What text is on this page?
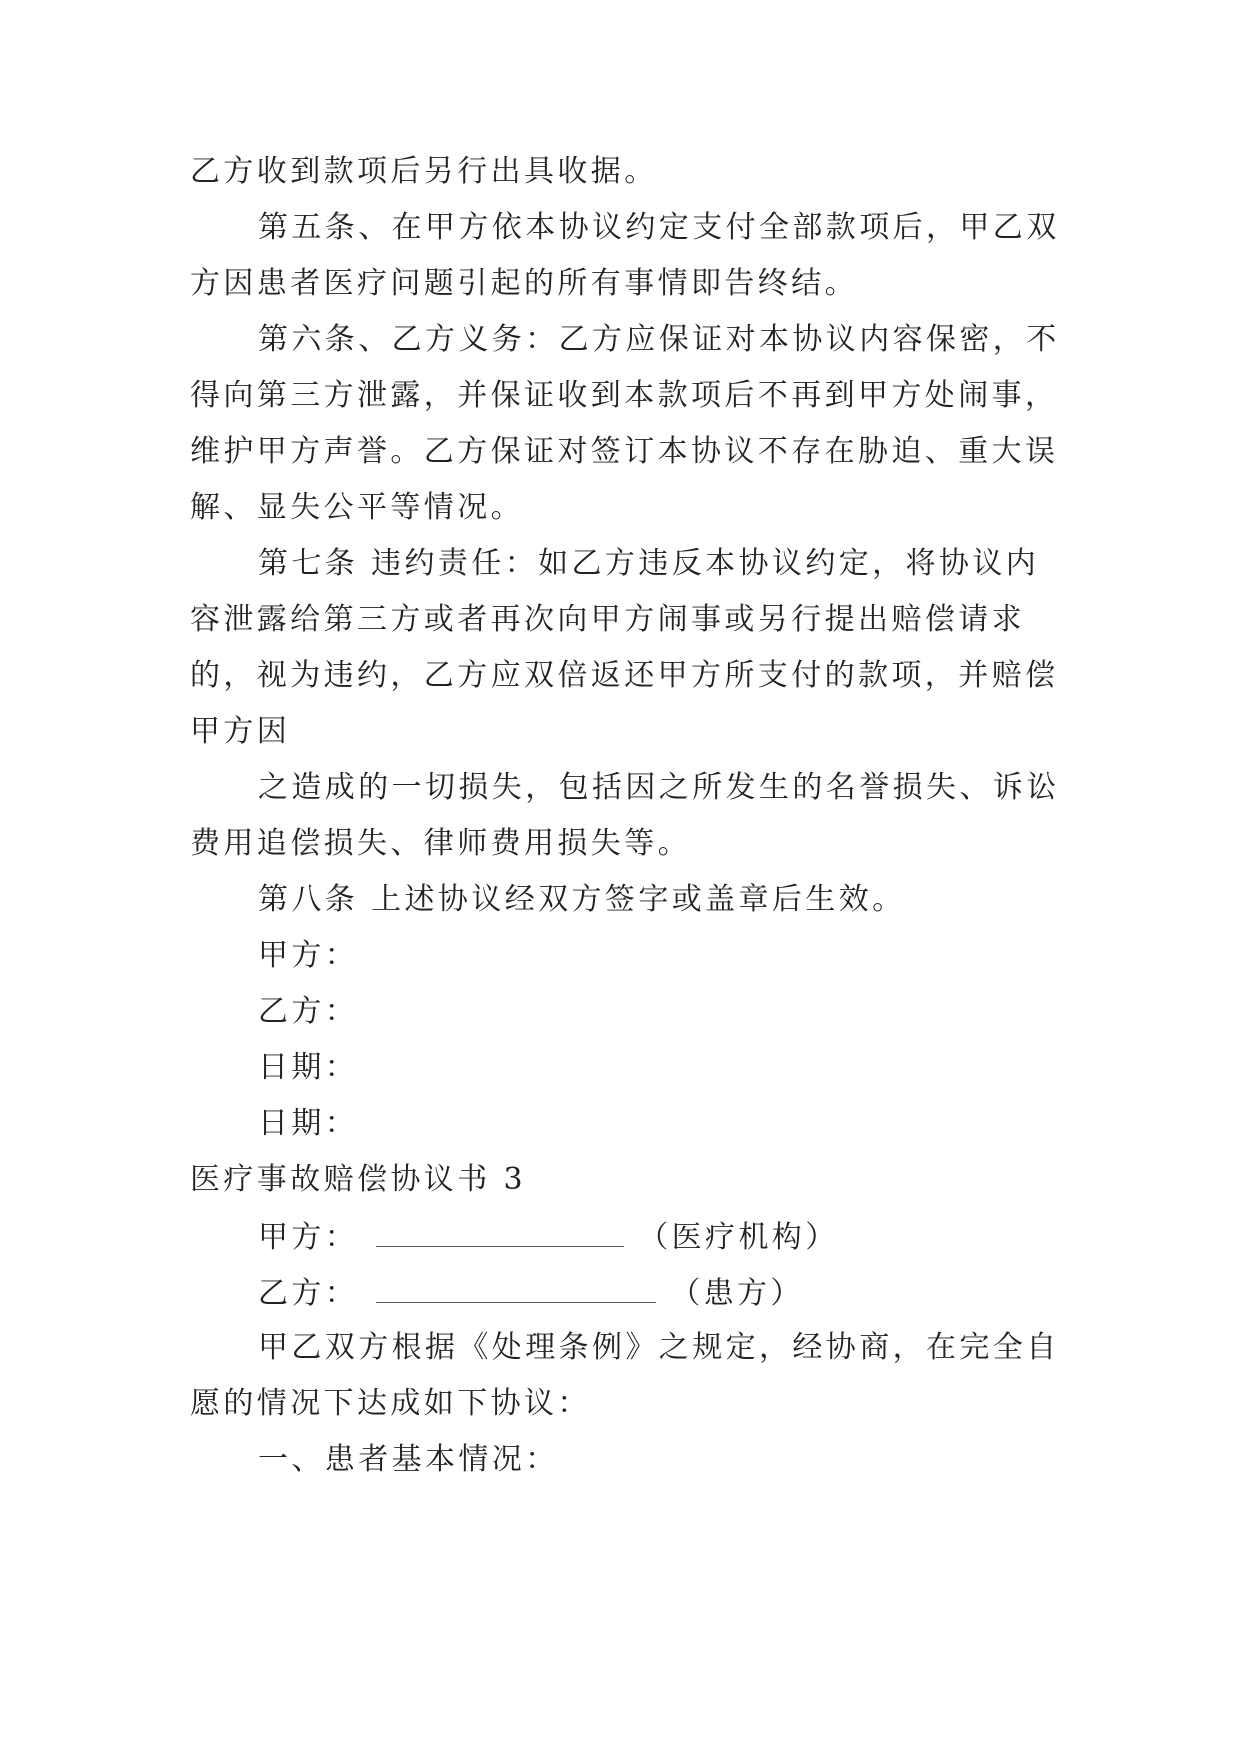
乙方收到款项后另行出具收据。
第五条、在甲方依本协议约定支付全部款项后，甲乙双
方因患者医疗问题引起的所有事情即告终结。
第六条、乙方义务：乙方应保证对本协议内容保密，不
得向第三方泄露，并保证收到本款项后不再到甲方处闹事，
维护甲方声誉。乙方保证对签订本协议不存在胁迫、重大误
解、显失公平等情况。
第七条 违约责任：如乙方违反本协议约定，将协议内
容泄露给第三方或者再次向甲方闹事或另行提出赔偿请求
的，视为违约，乙方应双倍返还甲方所支付的款项，并赔偿
甲方因
之造成的一切损失，包括因之所发生的名誉损失、诉讼
费用追偿损失、律师费用损失等。
第八条 上述协议经双方签字或盖章后生效。
甲方：
乙方：
日期：
日期：
医疗事故赔偿协议书 3
甲方：	（医疗机构）
乙方：	（患方）
甲乙双方根据《处理条例》之规定，经协商，在完全自
愿的情况下达成如下协议：
一、患者基本情况：
